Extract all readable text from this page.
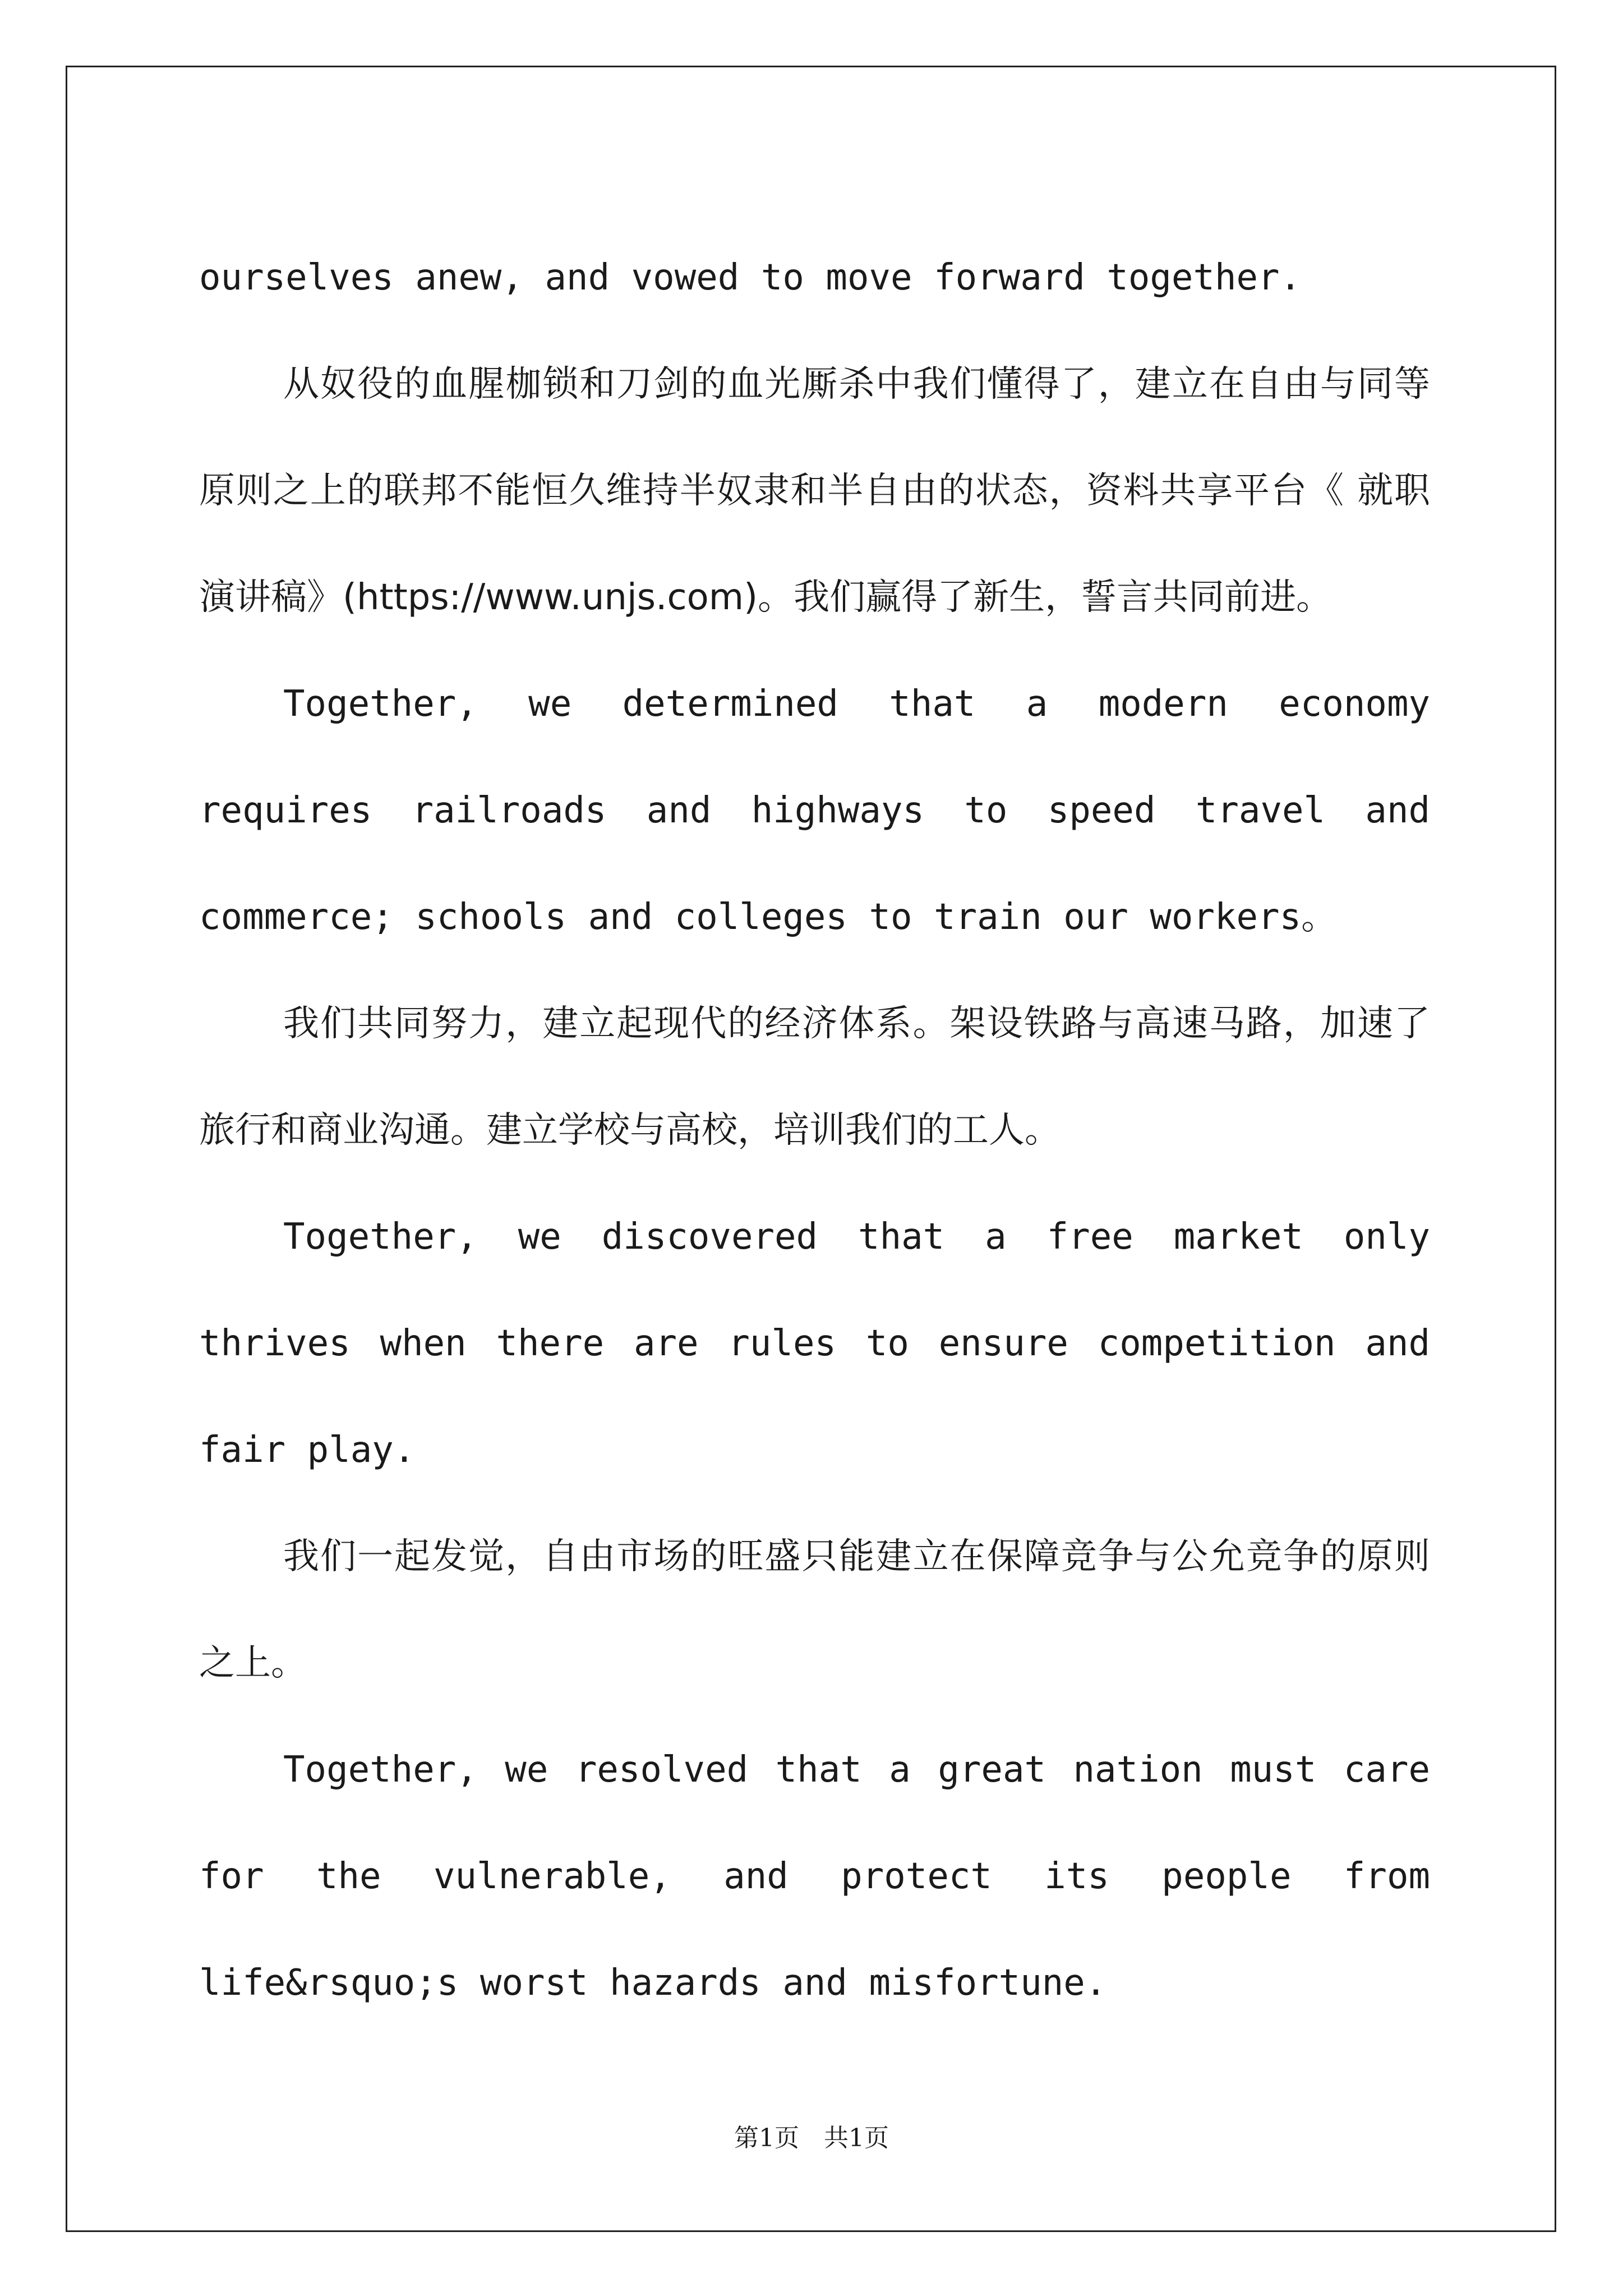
ourselves anew, and vowed to move forward together.

从奴役的血腥枷锁和刀剑的血光厮杀中我们懂得了，建立在自由与同等原则之上的联邦不能恒久维持半奴隶和半自由的状态，资料共享平台《 就职演讲稿》(https://www.unjs.com)。我们赢得了新生，誓言共同前进。

Together, we determined that a modern economy requires railroads and highways to speed travel and commerce; schools and colleges to train our workers。

我们共同努力，建立起现代的经济体系。架设铁路与高速马路，加速了旅行和商业沟通。建立学校与高校，培训我们的工人。

Together, we discovered that a free market only thrives when there are rules to ensure competition and fair play.

我们一起发觉，自由市场的旺盛只能建立在保障竞争与公允竞争的原则之上。

Together, we resolved that a great nation must care for the vulnerable, and protect its people from life&rsquo;s worst hazards and misfortune.

第1页　共1页
